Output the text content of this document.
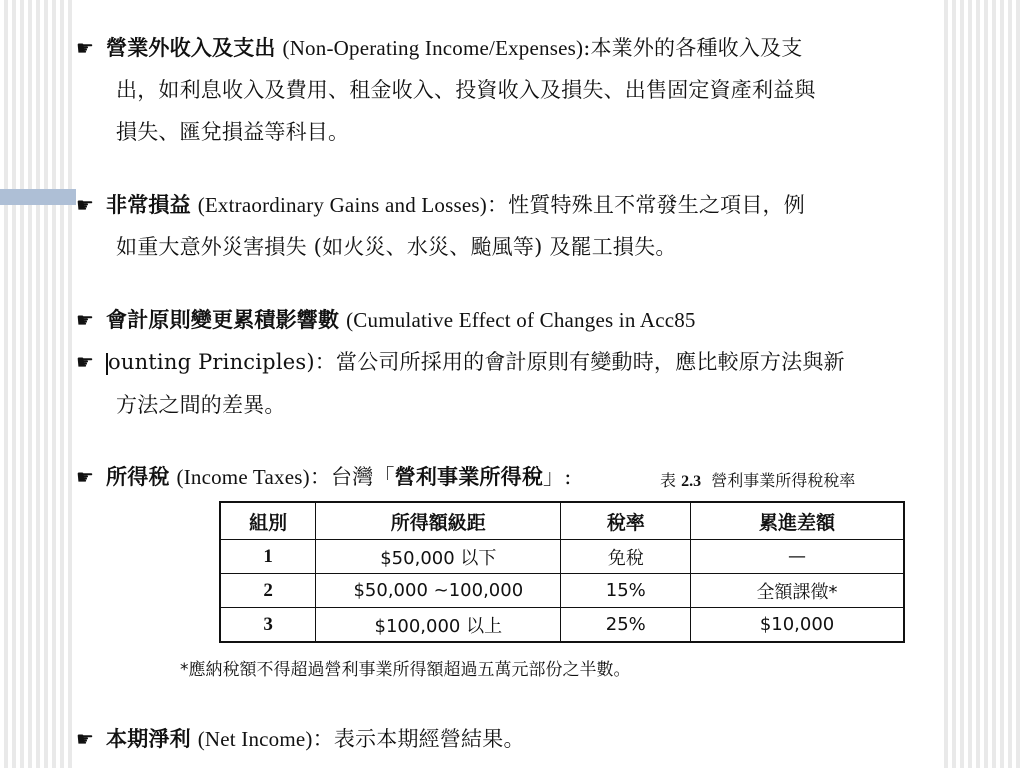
☛ 營業外收入及支出 (Non-Operating Income/Expenses):本業外的各種收入及支
出，如利息收入及費用、租金收入、投資收入及損失、出售固定資產利益與
損失、匯兌損益等科目。
☛ 非常損益 (Extraordinary Gains and Losses)：性質特殊且不常發生之項目，例
如重大意外災害損失 (如火災、水災、颱風等) 及罷工損失。
☛ 會計原則變更累積影響數 (Cumulative Effect of Changes in Acc85
☛ ounting Principles)：當公司所採用的會計原則有變動時，應比較原方法與新
方法之間的差異。
☛ 所得稅 (Income Taxes)：台灣「營利事業所得稅」:
☛ 本期淨利 (Net Income)：表示本期經營結果。
表 2.3 營利事業所得稅稅率
組別	所得額級距	稅率	累進差額
1	$50,000 以下	免稅	—
2	$50,000 ~100,000	15%	全額課徵*
3	$100,000 以上	25%	$10,000
*應納稅額不得超過營利事業所得額超過五萬元部份之半數。
